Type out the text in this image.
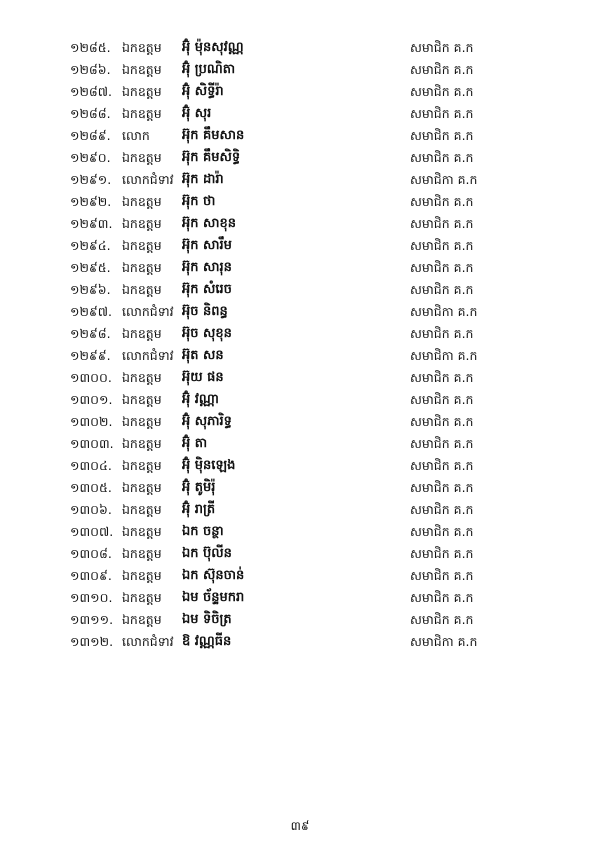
១២៨៥. ឯកឧត្តម អ៊ុំ ម៉ុនសុវណ្ណ	សមាជិក គ.ក
១២៨៦. ឯកឧត្តម អ៊ុំ ប្រណិតា	សមាជិក គ.ក
១២៨៧. ឯកឧត្តម អ៊ុំ សិទ្ធីរ៉ា	សមាជិក គ.ក
១២៨៨. ឯកឧត្តម អ៊ុំ សុរ	សមាជិក គ.ក
១២៨៩. លោក អ៊ុក គឹមសាន	សមាជិក គ.ក
១២៩០. ឯកឧត្តម អ៊ុក គឹមសិទ្ធិ	សមាជិក គ.ក
១២៩១. លោកជំទាវ អ៊ុក ដារ៉ា	សមាជិកា គ.ក
១២៩២. ឯកឧត្តម អ៊ុក ថា	សមាជិក គ.ក
១២៩៣. ឯកឧត្តម អ៊ុក សាខុន	សមាជិក គ.ក
១២៩៤. ឯកឧត្តម អ៊ុក សារឹម	សមាជិក គ.ក
១២៩៥. ឯកឧត្តម អ៊ុក សារុន	សមាជិក គ.ក
១២៩៦. ឯកឧត្តម អ៊ុក សំរេច	សមាជិក គ.ក
១២៩៧. លោកជំទាវ អ៊ុច និពន្ធ	សមាជិកា គ.ក
១២៩៨. ឯកឧត្តម អ៊ុច សុខុន	សមាជិក គ.ក
១២៩៩. លោកជំទាវ អ៊ុត សន	សមាជិកា គ.ក
១៣០០. ឯកឧត្តម អ៊ុយ ផន	សមាជិក គ.ក
១៣០១. ឯកឧត្តម អ៊ុំ វណ្ណា	សមាជិក គ.ក
១៣០២. ឯកឧត្តម អ៊ុំ សុភារិទ្ធ	សមាជិក គ.ក
១៣០៣. ឯកឧត្តម អ៊ុំ តា	សមាជិក គ.ក
១៣០៤. ឯកឧត្តម អ៊ុំ ម៉ិនឡេង	សមាជិក គ.ក
១៣០៥. ឯកឧត្តម អ៊ុំ តូមិរ៉ុ	សមាជិក គ.ក
១៣០៦. ឯកឧត្តម អ៊ុំ រាត្រី	សមាជិក គ.ក
១៣០៧. ឯកឧត្តម ឯក ចន្ថា	សមាជិក គ.ក
១៣០៨. ឯកឧត្តម ឯក ប៊ុលីន	សមាជិក គ.ក
១៣០៩. ឯកឧត្តម ឯក ស៊ុនចាន់	សមាជិក គ.ក
១៣១០. ឯកឧត្តម ឯម ច័ន្ទមករា	សមាជិក គ.ក
១៣១១. ឯកឧត្តម ឯម ទិចិត្រ	សមាជិក គ.ក
១៣១២. លោកជំទាវ ឱ វណ្ណធីន	សមាជិកា គ.ក
៣៩
